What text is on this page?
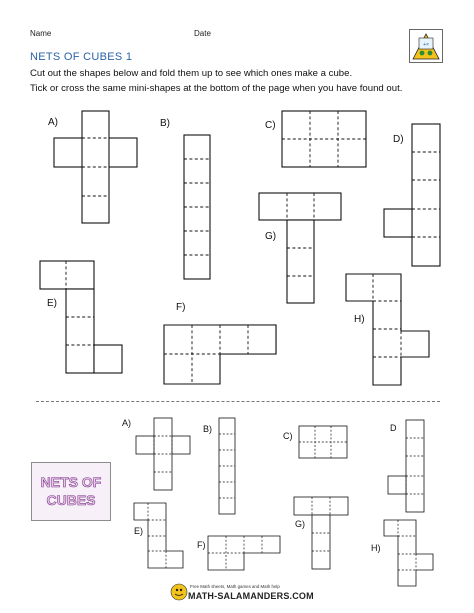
Name	Date
+×
NETS OF CUBES 1
Cut out the shapes below and fold them up to see which ones make a cube.
Tick or cross the same mini-shapes at the bottom of the page when you have found out.
A)	B)	C)
D)
G)
E)	F)
H)
A)
B)
C)
D
E)
F)
G)
H)
NETS OF
CUBES
Free Math sheets, Math games and Math help
MATH-SALAMANDERS.COM
